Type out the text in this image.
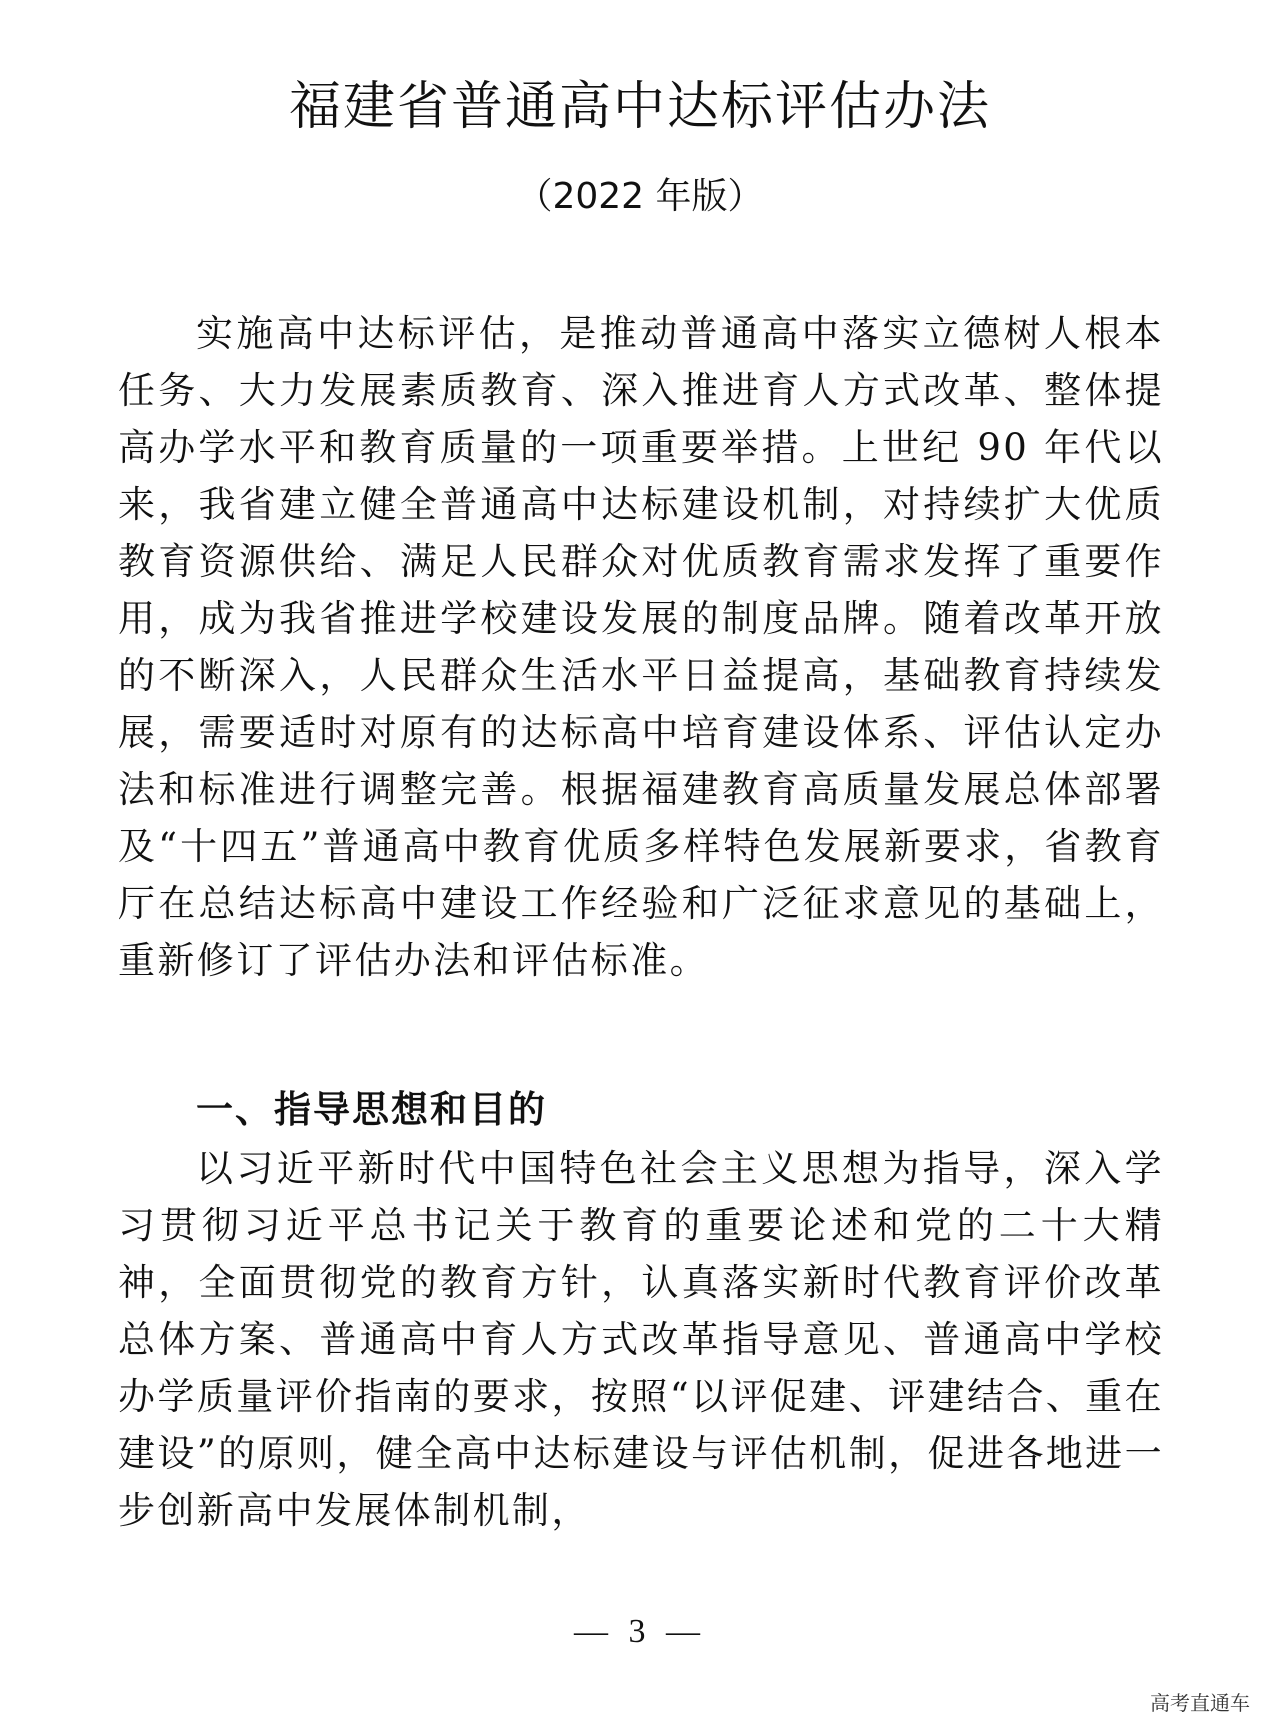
福建省普通高中达标评估办法
（2022 年版）
实施高中达标评估，是推动普通高中落实立德树人根本任务、大力发展素质教育、深入推进育人方式改革、整体提高办学水平和教育质量的一项重要举措。上世纪 90 年代以来，我省建立健全普通高中达标建设机制，对持续扩大优质教育资源供给、满足人民群众对优质教育需求发挥了重要作用，成为我省推进学校建设发展的制度品牌。随着改革开放的不断深入，人民群众生活水平日益提高，基础教育持续发展，需要适时对原有的达标高中培育建设体系、评估认定办法和标准进行调整完善。根据福建教育高质量发展总体部署及“十四五”普通高中教育优质多样特色发展新要求，省教育厅在总结达标高中建设工作经验和广泛征求意见的基础上，重新修订了评估办法和评估标准。
一、指导思想和目的
以习近平新时代中国特色社会主义思想为指导，深入学习贯彻习近平总书记关于教育的重要论述和党的二十大精神，全面贯彻党的教育方针，认真落实新时代教育评价改革总体方案、普通高中育人方式改革指导意见、普通高中学校办学质量评价指南的要求，按照“以评促建、评建结合、重在建设”的原则，健全高中达标建设与评估机制，促进各地进一步创新高中发展体制机制，
— 3 —
高考直通车
